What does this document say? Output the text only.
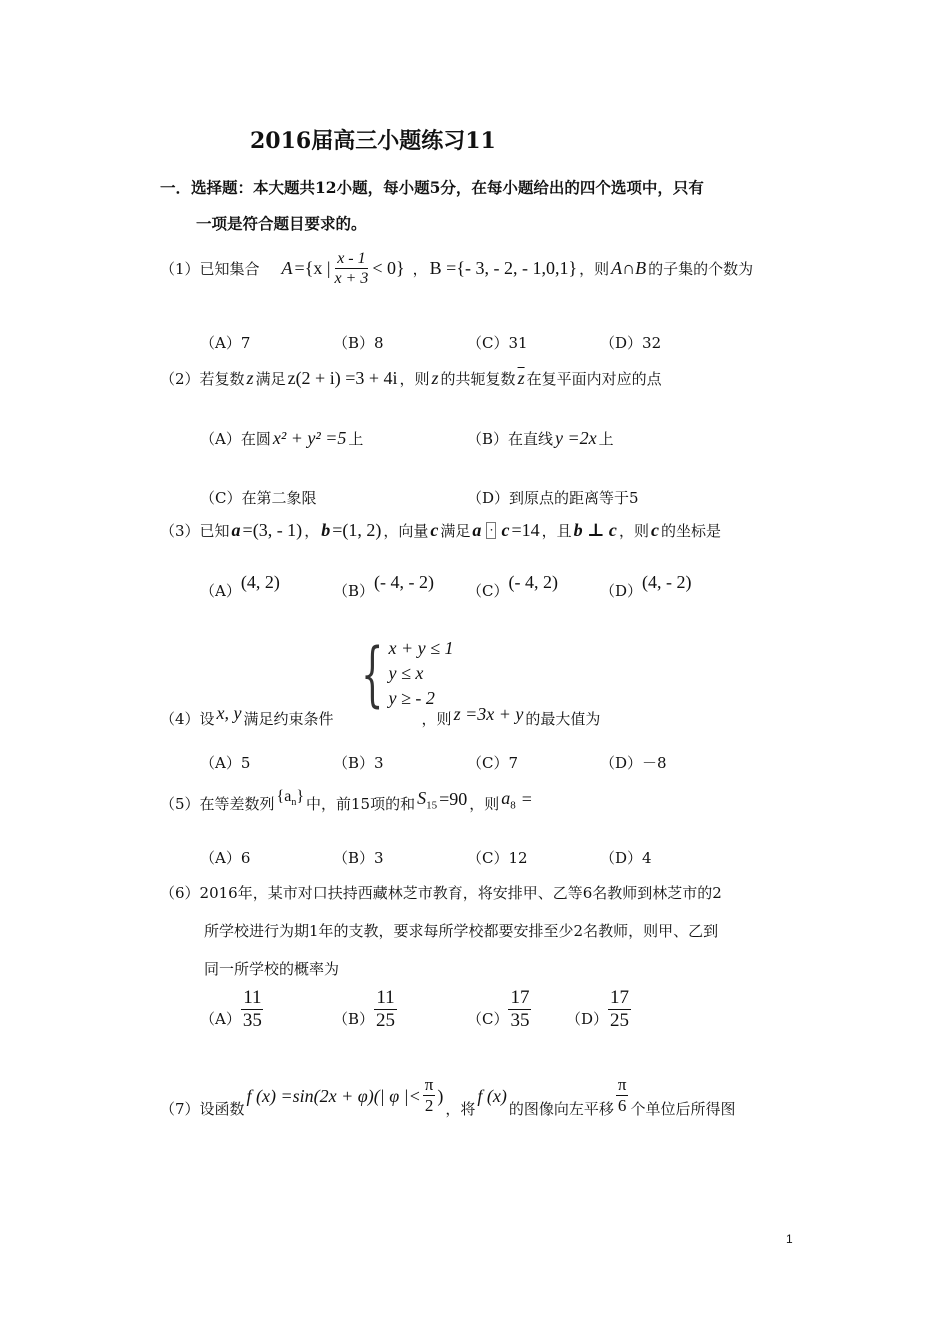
2016届高三小题练习11
一．选择题：本大题共12小题，每小题5分，在每小题给出的四个选项中，只有
一项是符合题目要求的。
（1）已知集合 A ={x | $\frac{x - 1}{x + 3} < 0$} ， B ={- 3, - 2, - 1,0,1} ，则 A∩B 的子集的个数为
（A）7	（B）8	（C）31	（D）32
（2）若复数 z 满足 z(2 + i) =3 + 4i ，则 z 的共轭复数 $\overline{z}$ 在复平面内对应的点
（A）在圆 x² + y² =5 上	（B）在直线 y =2x 上
（C）在第二象限	（D）到原点的距离等于5
（3）已知 a =(3, - 1) ， b =(1, 2) ，向量 c 满足 a ⋅ c =14 ，且 b ⊥ c ，则 c 的坐标是
（A） (4, 2)	（B） (- 4, - 2) （C） (- 4, 2)	（D） (4, - 2)
{ x + y ≤ 1
y ≤ x
y ≥ - 2
（4）设 x, y 满足约束条件	，则 z =3x + y 的最大值为
（A）5	（B）3	（C）7	（D）－8
（5）在等差数列 $\{a_n\}$ 中，前15项的和 $S_{15} =90$ ，则 $a_8$ =
（A）6	（B）3	（C）12	（D）4
（6）2016年，某市对口扶持西藏林芝市教育，将安排甲、乙等6名教师到林芝市的2
所学校进行为期1年的支教，要求每所学校都要安排至少2名教师，则甲、乙到
同一所学校的概率为
$(A) \frac{11}{35}$	$(B) \frac{11}{25}$	$(C) \frac{17}{35} (D) \frac{17}{25}$
（7）设函数
f (x) =sin(2x + φ)(| φ |< $\frac{\pi}{2}$ )
，将
f (x)
的图像向左平移 $\frac{\pi}{6}$ 个单位后所得图
1
